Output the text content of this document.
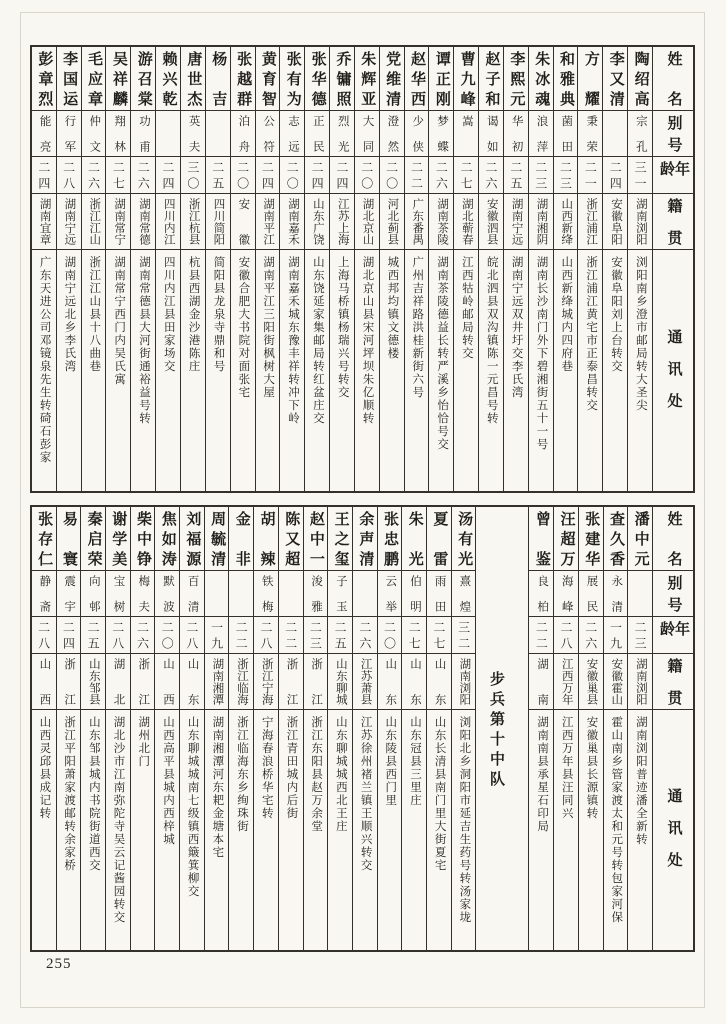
姓名
别号
年龄
籍贯
通讯处
陶绍高
宗孔
三一
湖南浏阳
浏阳南乡澄市邮局转大圣尖
李又清
二四
安徽阜阳
安徽阜阳刘上台转交
方耀
秉荣
二一
浙江浦江
浙江浦江黄宅市正泰昌转交
和雅典
菌田
二三
山西新绛
山西新绛城内四府巷
朱冰魂
浪萍
二三
湖南湘阴
湖南长沙南门外下碧湘街五十一号
李熙元
华初
二五
湖南宁远
湖南宁远双井圩交李氏湾
赵子和
谒如
二六
安徽泗县
皖北泗县双沟镇陈一元昌号转
曹九峰
嵩
二七
湖北蕲春
江西牯岭邮局转交
谭正刚
梦蝶
二六
湖南茶陵
湖南茶陵德益长转严溪乡怡恰号交
赵华西
少侠
二二
广东番禺
广州吉祥路洪桂新街六号
党维清
澄然
二〇
河北蓟县
城西邦均镇文德楼
朱辉亚
大同
二〇
湖北京山
湖北京山县宋河坪坝朱亿顺转
乔镛照
烈光
二四
江苏上海
上海马桥镇杨瑞兴号转交
张华德
正民
二四
山东广饶
山东饶延家集邮局转红盆庄交
张有为
志远
二〇
湖南嘉禾
湖南嘉禾城东豫丰祥转冲下岭
黄育智
公符
二四
湖南平江
湖南平江三阳街枫树大屋
张越群
泊舟
二〇
安徽
安徽合肥大书院对面张宅
杨吉
二五
四川简阳
简阳县龙泉寺鼎和号
唐世杰
英夫
三〇
浙江杭县
杭县西湖金沙港陈庄
赖兴乾
二四
四川内江
四川内江县田家场交
游召棠
功甫
二六
湖南常德
湖南常德县大河街通裕益号转
吴祥麟
翔林
二七
湖南常宁
湖南常宁西门内吴氏寓
毛应章
仲文
二六
浙江江山
浙江江山县十八曲巷
李国运
行军
二八
湖南宁远
湖南宁远北乡李氏湾
彭章烈
能亮
二四
湖南宜章
广东天进公司邓镜泉先生转碕石彭家
姓名
别号
年龄
籍贯
通讯处
潘中元
二三
湖南浏阳
湖南浏阳普迹潘全新转
查久香
永清
一九
安徽霍山
霍山南乡管家渡太和元号转包家河保
张建华
展民
二六
安徽巢县
安徽巢县长源镇转
汪超万
海峰
二八
江西万年
江西万年县汪同兴
曾鉴
良柏
二二
湖南
湖南南县承星石印局
步兵第十中队
汤有光
熹煌
三二
湖南浏阳
浏阳北乡洞阳市延吉生药号转汤家垅
夏雷
雨田
二七
山东
山东长清县南门里大街夏宅
朱光
伯明
二七
山东
山东冠县三里庄
张忠鹏
云举
二〇
山东
山东陵县西门里
余声清
二六
江苏萧县
江苏徐州褚兰镇王顺兴转交
王之玺
子玉
二五
山东聊城
山东聊城城西北王庄
赵中一
浚雅
二三
浙江
浙江东阳县赵万余堂
陈又超
二二
浙江
浙江青田城内后街
胡辣
铁梅
二八
浙江宁海
宁海春浪桥华宅转
金非
二二
浙江临海
浙江临海东乡绚珠街
周毓清
一九
湖南湘潭
湖南湘潭河东耙金塘本宅
刘福源
百清
二八
山东
山东聊城城南七级镇西簸箕柳交
焦如涛
默波
二〇
山西
山西高平县城内西梓城
柴中铮
梅夫
二六
浙江
湖州北门
谢学美
宝树
二八
湖北
湖北沙市江南弥陀寺吴云记酱园转交
秦启荣
向邨
二五
山东邹县
山东邹县城内书院街道西交
易寰
震宇
二四
浙江
浙江平阳萧家渡邮转余家桥
张存仁
静斋
二八
山西
山西灵邱县成记转
255
